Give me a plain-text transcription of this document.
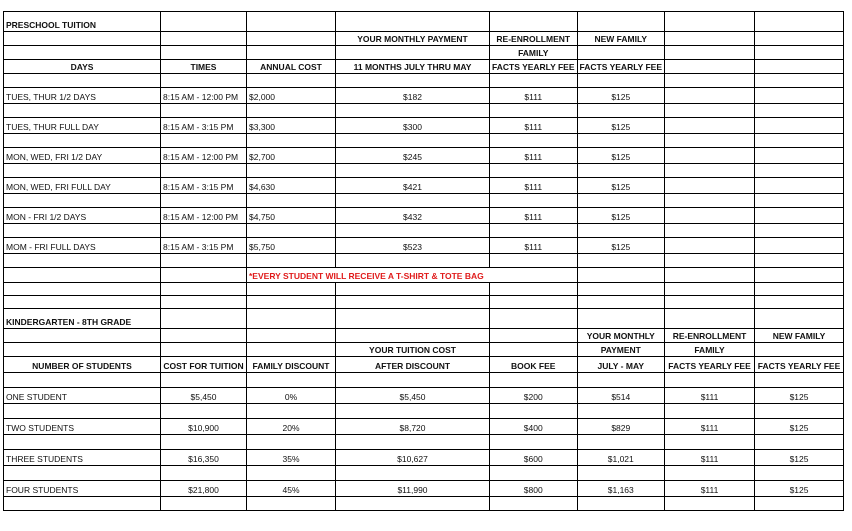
PRESCHOOL TUITION							
			YOUR MONTHLY PAYMENT	RE-ENROLLMENT	NEW FAMILY		
				FAMILY			
DAYS	TIMES	ANNUAL COST	11 MONTHS JULY THRU MAY	FACTS YEARLY FEE	FACTS YEARLY FEE		

TUES, THUR 1/2 DAYS	8:15 AM - 12:00 PM	$2,000	$182	$111	$125		

TUES, THUR FULL DAY	8:15 AM - 3:15 PM	$3,300	$300	$111	$125		

MON, WED, FRI 1/2 DAY	8:15 AM - 12:00 PM	$2,700	$245	$111	$125		

MON, WED, FRI FULL DAY	8:15 AM - 3:15 PM	$4,630	$421	$111	$125		

MON - FRI 1/2 DAYS	8:15 AM - 12:00 PM	$4,750	$432	$111	$125		

MOM - FRI FULL DAYS	8:15 AM - 3:15 PM	$5,750	$523	$111	$125		

		*EVERY STUDENT WILL RECEIVE A T-SHIRT & TOTE BAG					

KINDERGARTEN - 8TH GRADE							
					YOUR MONTHLY	RE-ENROLLMENT	NEW FAMILY
			YOUR TUITION COST		PAYMENT	FAMILY	
NUMBER OF STUDENTS	COST FOR TUITION	FAMILY DISCOUNT	AFTER DISCOUNT	BOOK FEE	JULY - MAY	FACTS YEARLY FEE	FACTS YEARLY FEE

ONE STUDENT	$5,450	0%	$5,450	$200	$514	$111	$125

TWO STUDENTS	$10,900	20%	$8,720	$400	$829	$111	$125

THREE STUDENTS	$16,350	35%	$10,627	$600	$1,021	$111	$125

FOUR STUDENTS	$21,800	45%	$11,990	$800	$1,163	$111	$125
